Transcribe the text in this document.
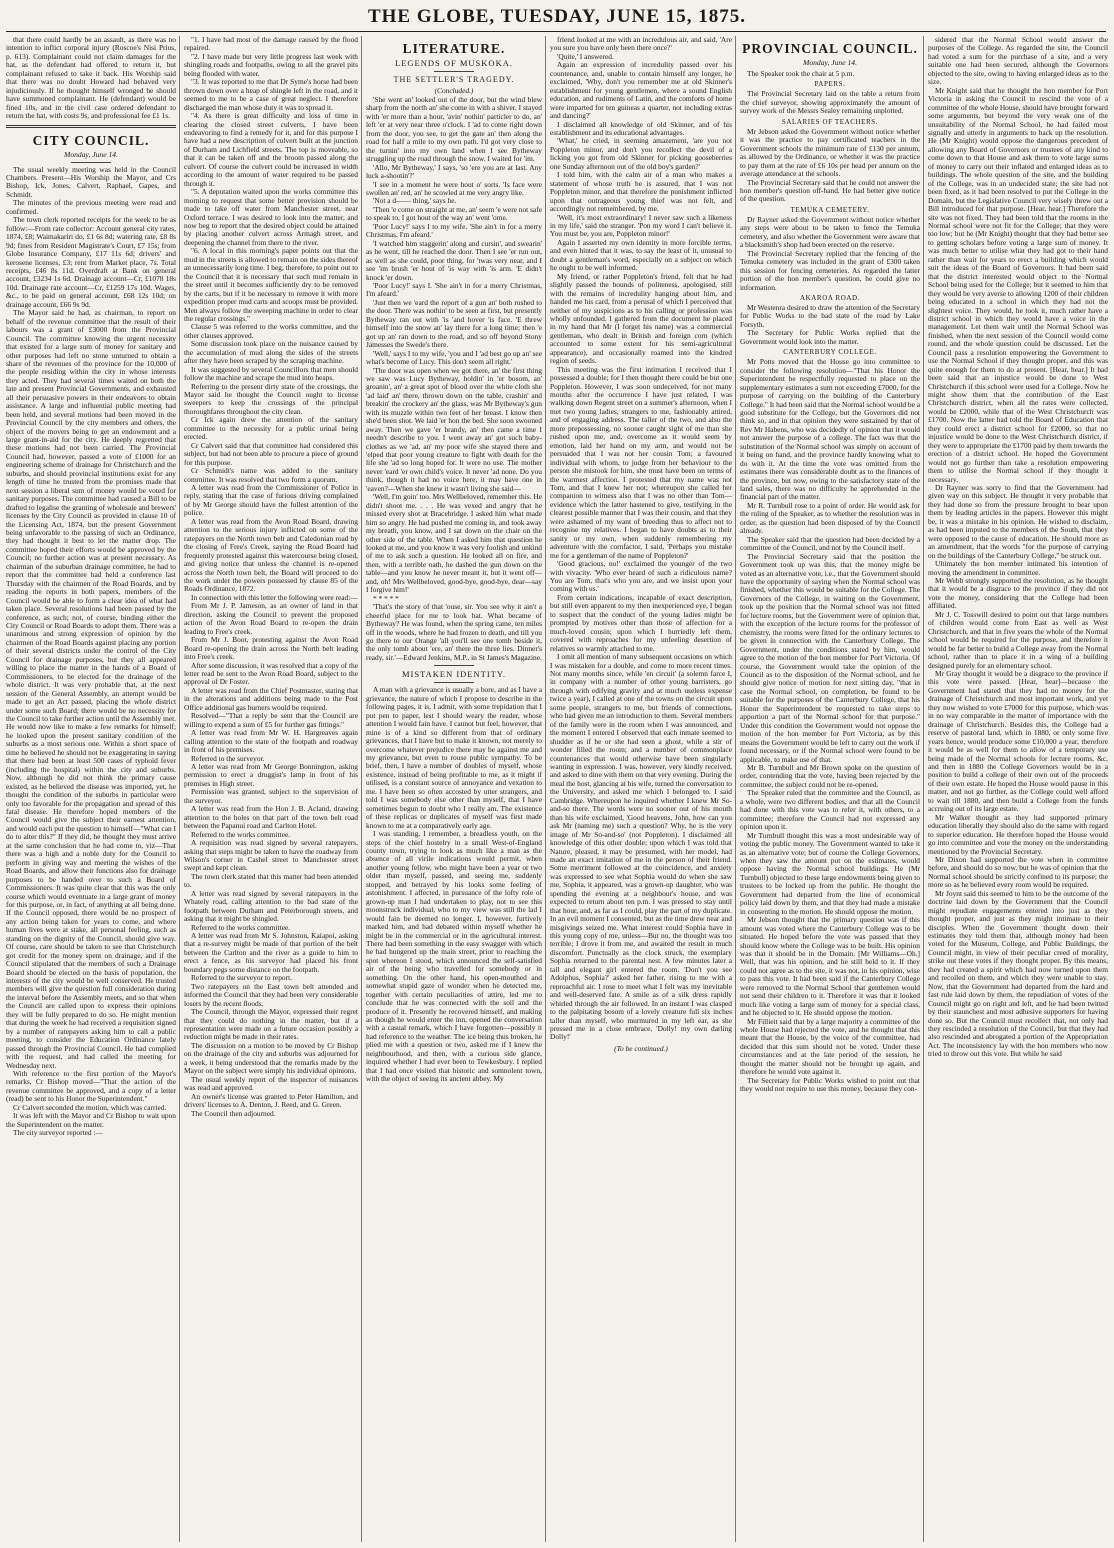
THE GLOBE, TUESDAY, JUNE 15, 1875.

that there could hardly be an assault, as there was no intention to inflict corporal injury (Roscoe's Nisi Prius, p. 613). Complainant could not claim damages for the hat, as the defendant had offered to return it, but complainant refused to take it back. His Worship said that there was no doubt Howard had behaved very injudiciously. If he thought himself wronged he should have summoned complainant. He (defendant) would be fined 10s, and in the civil case ordered defendant to return the hat, with costs 9s, and professional fee £1 1s.

CITY COUNCIL.
Monday, June 14.

The usual weekly meeting was held in the Council Chambers. Present—His Worship the Mayor, and Crs Bishop, Ick, Jones, Calvert, Raphael, Gapes, and Schmidt.

The minutes of the previous meeting were read and confirmed.

The town clerk reported receipts for the week to be as follow:—From rate collector: Account general city rates, 1874, £8; Waimakariri do, £1 6s 8d; watering rate, £8 8s 9d; fines from Resident Magistrate's Court, £7 15s; from Globe Insurance Company, £17 11s 6d; drivers' and kerosene licenses, £3; rent from Market place, 7s. Total receipts, £46 8s 11d. Overdraft at Bank on general account, £3234 1s 6d. Drainage account—Cr, £1078 18s 10d. Drainage rate account—Cr, £1259 17s 10d. Wages, &c., to be paid on general account, £68 12s 10d; on drainage account, £66 9s 9d.

The Mayor said he had, as chairman, to report on behalf of the revenue committee that the result of their labours was a grant of £3000 from the Provincial Council. The committee knowing the urgent necessity that existed for a large sum of money for sanitary and other purposes had left no stone unturned to obtain a share of the revenues of the province for the 10,000 of the people residing within the city in whose interests they acted. They had several times waited on both the late and present Provincial Governments, and exhausted all their persuasive powers in their endeavors to obtain assistance. A large and influential public meeting had been held, and several motions had been moved in the Provincial Council by the city members and others, the object of the movers being to get an endowment and a large grant-in-aid for the city. He deeply regretted that these motions had not been carried. The Provincial Council had, however, passed a vote of £1000 for an engineering scheme of drainage for Christchurch and the suburbs, and should provincial institutions exist for any length of time he trusted from the promises made that next session a liberal sum of money would be voted for sanitary purposes. The committee had caused a Bill to be drafted to legalise the granting of wholesale and brewers' licenses by the City Council as provided in clause 10 of the Licensing Act, 1874, but the present Government being unfavorable to the passing of such an Ordinance, they had thought it best to let the matter drop. The committee hoped their efforts would be approved by the Council; no further action was at present necessary. As chairman of the suburban drainage committee, he had to report that the committee had held a conference last Thursday with the chairmen of the Road Boards, and by reading the reports in both papers, members of the Council would be able to form a clear idea of what had taken place. Several resolutions had been passed by the conference, as such; not, of course, binding either the City Council or Road Boards to adopt them. There was a unanimous and strong expression of opinion by the chairmen of the Road Boards against placing any portion of their several districts under the control of the City Council for drainage purposes, but they all appeared willing to place the matter in the hands of a Board of Commissioners, to be elected for the drainage of the whole district. It was very probable that, at the next session of the General Assembly, an attempt would be made to get an Act passed, placing the whole district under some such Board; there would be no necessity for the Council to take further action until the Assembly met. He would now like to make a few remarks for himself; he looked upon the present sanitary condition of the suburbs as a most serious one. Within a short space of time he believed he should not be exaggerating in saying that there had been at least 500 cases of typhoid fever (including the hospital) within the city and suburbs. Now, although he did not think the primary cause existed, as he believed the disease was imported, yet, he thought the condition of the suburbs in particular were only too favorable for the propagation and spread of this fatal disease. He therefore hoped members of the Council would give the subject their earnest attention, and would each put the question to himself—"What can I do to alter this?" If they did, he thought they must arrive at the same conclusion that he had come to, viz—That there was a high and a noble duty for the Council to perform in giving way and meeting the wishes of the Road Boards, and allow their functions also for drainage purposes to be handed over to such a Board of Commissioners. It was quite clear that this was the only course which would eventuate in a large grant of money for this purpose, or, in fact, of anything at all being done. If the Council opposed, there would be no prospect of any action being taken for years to come, and where human lives were at stake, all personal feeling, such as standing on the dignity of the Council, should give way. Of course, care should be taken to see that Christchurch got credit for the money spent on drainage, and if the Council stipulated that the members of such a Drainage Board should be elected on the basis of population, the interests of the city would be well conserved. He trusted members will give the question full consideration during the interval before the Assembly meets, and so that when the Council are called upon to express their opinions they will be fully prepared to do so. He might mention that during the week he had received a requisition signed by a number of ratepayers asking him to call a public meeting, to consider the Education Ordinance lately passed through the Provincial Council. He had complied with the request, and had called the meeting for Wednesday next.

With reference to the first portion of the Mayor's remarks, Cr Bishop moved—"That the action of the revenue committee be approved, and a copy of a letter (read) be sent to his Honor the Superintendent."

Cr Calvert seconded the motion, which was carried.

It was left with the Mayor and Cr Bishop to wait upon the Superintendent on the matter.

The city surveyor reported :—

"1. I have had most of the damage caused by the flood repaired.

"2. I have made but very little progress last week with shingling roads and footpaths, owing to all the gravel pits being flooded with water.

"3. It was reported to me that Dr Syme's horse had been thrown down over a heap of shingle left in the road, and it seemed to me to be a case of great neglect. I therefore discharged the man whose duty it was to spread it.

"4. As there is great difficulty and loss of time in clearing the closed street culverts, I have been endeavoring to find a remedy for it, and for this purpose I have had a new description of culvert built at the junction of Durham and Lichfield streets. The top is moveable, so that it can be taken off and the broom passed along the culvert. Of course the culvert could be increased in width according to the amount of water required to be passed through it.

"5. A deputation waited upon the works committee this morning to request that some better provision should be made to take off water from Manchester street, near Oxford terrace. I was desired to look into the matter, and now beg to report that the desired object could be attained by placing another culvert across Armagh street, and deepening the channel from there to the river.

"6. A local in this morning's paper points out that the mud in the streets is allowed to remain on the sides thereof an unnecessarily long time. I beg, therefore, to point out to the Council that it is necessary that such mud remain in the street until it becomes sufficiently dry to be removed by the carts, but if it be necessary to remove it with more expedition proper mud carts and scoops must be provided. Men always follow the sweeping machine in order to clear the regular crossings."

Clause 5 was referred to the works committee, and the other clauses approved.

Some discussion took place on the nuisance caused by the accumulation of mud along the sides of the streets after they have been scraped by the scraping machine.

It was suggested by several Councillors that men should follow the machine and scrape the mud into heaps.

Referring to the present dirty state of the crossings, the Mayor said he thought the Council ought to license sweepers to keep the crossings of the principal thoroughfares throughout the city clean.

Cr Ick again drew the attention of the sanitary committee to the necessity for a public urinal being erected.

Cr Calvert said that that committee had considered this subject, but had not been able to procure a piece of ground for this purpose.

Cr Schmidt's name was added to the sanitary committee. It was resolved that two form a quorum.

A letter was read from the Commissioner of Police in reply, stating that the case of furious driving complained of by Mr George should have the fullest attention of the police.

A letter was read from the Avon Road Board, drawing attention to the serious injury inflicted on some of the ratepayers on the North town belt and Caledonian road by the closing of Free's Creek, saying the Road Board had frequently protested against this watercourse being closed, and giving notice that unless the channel is re-opened across the North town belt, the Board will proceed to do the work under the powers possessed by clause 85 of the Roads Ordinance, 1872.

In connection with this letter the following were read:—

From Mr J. P. Jameson, as an owner of land in that direction, asking the Council to prevent the proposed action of the Avon Road Board to re-open the drain leading to Free's creek.

From Mr J. Boot, protesting against the Avon Road Board re-opening the drain across the North belt leading into Free's creek.

After some discussion, it was resolved that a copy of the letter read be sent to the Avon Road Board, subject to the approval of Dr Foster.

A letter was read from the Chief Postmaster, stating that in the alterations and additions being made to the Post Office additional gas burners would be required.

Resolved—"That a reply be sent that the Council are willing to expend a sum of £5 for further gas fittings."

A letter was read from Mr W. H. Hargreaves again calling attention to the state of the footpath and roadway in front of his premises.

Referred to the surveyor.

A letter was read from Mr George Bonnington, asking permission to erect a druggist's lamp in front of his premises in High street.

Permission was granted, subject to the supervision of the surveyor.

A letter was read from the Hon J. B. Acland, drawing attention to the holes on that part of the town belt road between the Papanui road and Carlton Hotel.

Referred to the works committee.

A requisition was read signed by several ratepayers, asking that steps might be taken to have the roadway from Wilson's corner in Cashel street to Manchester street swept and kept clean.

The town clerk stated that this matter had been attended to.

A letter was read signed by several ratepayers in the Whately road, calling attention to the bad state of the footpath between Durham and Peterborough streets, and asking that it might be shingled.

Referred to the works committee.

A letter was read from Mr S. Johnston, Kaiapoi, asking that a re-survey might be made of that portion of the belt between the Carlton and the river as a guide to him to erect a fence, as his surveyor had placed his front boundary pegs some distance on the footpath.

Referred to the surveyor to report.

Two ratepayers on the East town belt attended and informed the Council that they had been very considerable losers by the recent floods.

The Council, through the Mayor, expressed their regret that they could do nothing in the matter, but if a representation were made on a future occasion possibly a reduction might be made in their rates.

The discussion on a motion to be moved by Cr Bishop on the drainage of the city and suburbs was adjourned for a week, it being understood that the remarks made by the Mayor on the subject were simply his individual opinions.

The usual weekly report of the inspector of nuisances was read and approved.

An owner's license was granted to Peter Hamilton, and drivers' licenses to A. Denton, J. Reed, and G. Green.

The Council then adjourned.

LITERATURE.
LEGENDS OF MUSKOKA.
THE SETTLER'S TRAGEDY.
(Concluded.)

'She went an' looked out of the door, but the wind blew sharp from the north an' she come in with a shiver. I stayed with 'er more than a hour, 'avin' nothin' particler to do, an' left 'er at very near three o'clock. I 'ad to come right down from the door, you see, to get the gate an' then along the road for half a mile to my own path. I'd got very close to the turnin' into my own land when I see Bytheway struggling up the road through the snow. I waited for 'im.

'Allo, Mr Bytheway,' I says, 'so 'ere you are at last. Any luck a-shootin'?'

'I see in a moment he were hout o' sorts. 'Is face were swollen an' red, an' he scowled at me very angry like.

'Not a d—— thing,' says he.

'Then 'e come on straight at me, an' seem 'e were not safe to speak to, I got hout of the way an' went 'ome.

'Poor Lucy!' says I to my wife. 'She ain't in for a merry Christmas, I'm afeard.'

'I watched him staggerin' along and cursin', and swearin' as he went, till he reached the door. Then I see 'er run out, as well as she could, poor thing, for 'twas very near, and I see 'im brush 'er hout of 'is way with 'is arm. 'E didn't knock 'er down.

'Poor Lucy!' says I. 'She ain't in for a merry Christmas, I'm afeard.'

'Just then we 'eard the report of a gun an' both rushed to the door. There was nothin' to be seen at first, but presently Bytheway ran out with 'is 'and hover 'is face. 'E threw himself into the snow an' lay there for a long time; then 'e got up an' ran down to the road, and so off beyond Stony Jamesses the Swede's there.

'Well,' says I to my wife, 'you and I 'ad best go up an' see what's become of Lucy. This don't seem all right.'

'The door was open when we got there, an' the first thing we saw was Lucy Bytheway, holdin' in 'er bosom, an' groanin', an' a great spot of blood over the white cloth she 'ad laid' an' there, thrown down on the table, crashin' and breakin' the crockery an' the glass, was Mr Bytheway's gun with its muzzle within two feet of her breast. I know then she'd been shot. We laid 'er hon the bed. She soon swooned away. Then we gave 'er brandy, an' then came a time I needn't describe to you. I went away an' got such baby-clothes as we 'ad, an' my poor wife she stayed there and 'elped that poor young creature to fight with death for the life she 'ad so long hoped for. It were no use. The mother never 'eard 'er own child's voice. It never 'ad none. Do you think, though it had no voice here, it may have one in 'eaven?—When she knew it wasn't living she said—

'Well, I'm goin' too. Mrs Wellbeloved, remember this. He didn't shoot me. . . . He was vexed and angry that he missed every shot at Bracebridge. I asked him what made him so angry. He had pushed me coming in, and took away my breath, you know, and I sat down on the chair on the other side of the table. When I asked him that question he looked at me, and you know it was very foolish and unkind of me to ask such a question. He looked all on fire, and then, with a terrible oath, he dashed the gun down on the table—and you know he never meant it, but it went off—and, oh! Mrs Wellbeloved, good-bye, good-bye, dear—say I forgive him!'

* * * * *

'That's the story of that 'ouse, sir. You see why it ain't a cheerful place for me to look hat. What became of Bytheway? He was found, when the spring came, ten miles off in the woods, where he had frozen to death, and till you go there to our Orange 'all you'll see one tomb beside it, the only tomb about 'ere, an' there the three lies. Dinner's ready, sir.'—Edward Jenkins, M.P., in St James's Magazine.

MISTAKEN IDENTITY.

A man with a grievance is usually a bore, and as I have a grievance, the nature of which I propose to describe in the following pages, it is, I admit, with some trepidation that I put pen to paper, lest I should weary the reader, whose attention I would fain have. I cannot but feel, however, that mine is of a kind so different from that of ordinary grievances, that I have but to make it known, not merely to overcome whatever prejudice there may be against me and my grievance, but even to rouse public sympathy. To be brief, then, I have a number of doubles of myself, whose existence, instead of being profitable to me, as it might if utilised, is a constant source of annoyance and vexation to me. I have been so often accosted by utter strangers, and told I was somebody else other than myself, that I have sometimes begun to doubt who I really am. The existence of these replicas or duplicates of myself was first made known to me at a comparatively early age.

I was standing, I remember, a breadless youth, on the steps of the chief hostelry in a small West-of-England county town, trying to look as much like a man as the absence of all virile indications would permit, when another young fellow, who might have been a year or two older than myself, passed, and seeing me, suddenly stopped, and betrayed by his looks some feeling of astonishment. I affected, in pursuance of the lofty role of grown-up man I had undertaken to play, not to see this moonstruck individual, who to my view was still the lad I would fain be deemed no longer. I, however, furtively marked him, and had debated within myself whether he might be in the commercial or in the agricultural interest. There had been something in the easy swagger with which he had hungered up the main street, prior to reaching the spot whereon I stood, which announced the self-satisfied air of the being who travelled for somebody or in something. On the other hand, his open-mouthed and somewhat stupid gaze of wonder when he detected me, together with certain peculiarities of attire, led me to conclude that he was connected with the soil and the produce of it. Presently he recovered himself, and making as though he would enter the inn, opened the conversation with a casual remark, which I have forgotten—possibly it had reference to the weather. The ice being thus broken, he plied me with a question or two, asked me if I knew the neighbourhood, and then, with a curious side glance, inquired whether I had ever been to Tewkesbury. I replied that I had once visited that historic and somnolent town, with the object of seeing its ancient abbey. My

friend looked at me with an incredulous air, and said, 'Are you sure you have only been there once?'

'Quite,' I answered.

Again an expression of incredulity passed over his countenance, and, unable to contain himself any longer, he exclaimed, 'Why, don't you remember me at old Skinner's establishment for young gentlemen, where a sound English education, and rudiments of Latin, and the comforts of home were imparted for ten guineas a quarter, not including extras and dancing?'

I disclaimed all knowledge of old Skinner, and of his establishment and its educational advantages.

'What,' he cried, in seeming amazement, 'are you not Poppleton minor, and don't you recollect the devil of a licking you got from old Skinner for picking gooseberries one Sunday afternoon out of the old boy's garden?'

I told him, with the calm air of a man who makes a statement of whose truth he is assured, that I was not Poppleton minor, and that therefore the punishment inflicted upon that outrageous young thief was not felt, and accordingly not remembered, by me.

'Well, it's most extraordinary! I never saw such a likeness in my life,' said the stranger. 'Pon my word I can't believe it. You must be, you are, Poppleton minor!'

Again I asserted my own identity in more forcible terms, and even hinted that it was, to say the least of it, unusual to doubt a gentleman's word, especially on a subject on which he ought to be well informed.

My friend, or rather Poppleton's friend, felt that he had slightly passed the bounds of politeness, apologised, still with the remains of incredulity hanging about him, and handed me his card, from a perusal of which I perceived that neither of my suspicions as to his calling or profession was wholly unfounded. I gathered from the document he placed in my hand that Mr (I forget his name) was a commercial gentleman, who dealt in British and foreign corn (which accounted to some extent for his semi-agricultural appearance), and occasionally roamed into the kindred region of seeds.

This meeting was the first intimation I received that I possessed a double; for I then thought there could be but one Poppleton. However, I was soon undeceived, for not many months after the occurrence I have just related, I was walking down Regent street on a summer's afternoon, when I met two young ladies, strangers to me, fashionably attired, and of engaging address. The taller of the two, and also the more prepossessing, no sooner caught sight of me than she rushed upon me, and, overcome as it would seem by emotion, laid her hand on my arm, and would not be persuaded that I was not her cousin Tom; a favoured individual with whom, to judge from her behaviour to the person she mistook for him, she must have been on terms of the warmest affection. I protested that my name was not Tom, and that I knew her not; whereupon she called her companion to witness also that I was no other than Tom—evidence which the latter hastened to give, testifying in the clearest possible manner that I was their cousin, and that they were ashamed of my want of breeding thus to affect not to recognise my relatives. I began to have doubts as to their sanity or my own, when suddenly remembering my adventure with the cornfactor, I said, 'Perhaps you mistake me for a gentleman of the name of Poppleton?'

'Good gracious, no!' exclaimed the younger of the two with vivacity. 'Who ever heard of such a ridiculous name? You are Tom, that's who you are, and we insist upon your coming with us.'

From certain indications, incapable of exact description, but still even apparent to my then inexperienced eye, I began to suspect that the conduct of the young ladies might be prompted by motives other than those of affection for a much-loved cousin; upon which I hurriedly left them, covered with reproaches for my unfeeling desertion of relatives so warmly attached to me.

I omit all mention of many subsequent occasions on which I was mistaken for a double, and come to more recent times. Not many months since, while 'en circuit' (a solemn farce I, in company with a number of other young barristers, go through with edifying gravity and at much useless expense twice a year), I called at one of the towns on the circuit upon some people, strangers to me, but friends of connections, who had given me an introduction to them. Several members of the family were in the room when I was announced, and the moment I entered I observed that each inmate seemed to shudder as if he or she had seen a ghost, while a stir of wonder filled the room; and a number of commonplace countenances that would otherwise have been singularly wanting in expression. I was, however, very kindly received, and asked to dine with them on that very evening. During the meal the host, glancing at his wife, turned the conversation to the University, and asked me which I belonged to. I said Cambridge. Whereupon he inquired whether I knew Mr So-and-so there. The words were no sooner out of his mouth than his wife exclaimed, 'Good heavens, John, how can you ask Mr (naming me) such a question? Why, he is the very image of Mr So-and-so' (not Poppleton). I disclaimed all knowledge of this other double; upon which I was told that Nature, pleased, it may be presumed, with her model, had made an exact imitation of me in the person of their friend. Some merriment followed at the coincidence, and anxiety was expressed to see what Sophia would do when she saw me, Sophia, it appeared, was a grown-up daughter, who was spending the evening at a neighbour's house, and was expected to return about ten p.m. I was pressed to stay until that hour, and, as far as I could, play the part of my duplicate. In an evil moment I consented, but as the time drew near and misgivings seized me. What interest could Sophia have in this young copy of me, unless—But no, the thought was too terrible; I drove it from me, and awaited the result in much discomfort. Punctually as the clock struck, the exemplary Sophia returned to the parental nest. A few minutes later a tall and elegant girl entered the room. 'Don't you see Adolphus, Sophia?' asked her father, rising to me with a reproachful air. I rose to meet what I felt was my inevitable and well-deserved fate. A smile as of a silk dress rapidly whirled through the air followed. In an instant I was clasped to the palpitating bosom of a lovely creature full six inches taller than myself, who murmured in my left ear, as she pressed me in a close embrace, 'Dolly! my own darling Dolly!'

(To be continued.)
PROVINCIAL COUNCIL.
Monday, June 14.

The Speaker took the chair at 5 p.m.

PAPERS.

The Provincial Secretary laid on the table a return from the chief surveyor, showing approximately the amount of survey work of the Messrs Sealey remaining unplotted.

SALARIES OF TEACHERS.

Mr Jebson asked the Government without notice whether it was the practice to pay certificated teachers in the Government schools the minimum rate of £130 per annum, as allowed by the Ordinance, or whether it was the practice to pay them at the rate of £6 10s per head per annum on the average attendance at the schools.

The Provincial Secretary said that he could not answer the hon member's question off-hand. He had better give notice of the question.

TEMUKA CEMETERY.

Dr Rayner asked the Government without notice whether any steps were about to be taken to fence the Temuka cemetery, and also whether the Government were aware that a blacksmith's shop had been erected on the reserve.

The Provincial Secretary replied that the fencing of the Temuka cemetery was included in the grant of £300 taken this session for fencing cemeteries. As regarded the latter portion of the hon member's question, he could give no information.

AKAROA ROAD.

Mr Westenra desired to draw the attention of the Secretary for Public Works to the bad state of the road by Lake Forsyth.

The Secretary for Public Works replied that the Government would look into the matter.

CANTERBURY COLLEGE.

Mr Potts moved that the House go into committee to consider the following resolution—"That his Honor the Superintendent be respectfully requested to place on the supplementary estimates a sum not exceeding £7000, for the purpose of carrying on the building of the Canterbury College." It had been said that the Normal school would be a good substitute for the College, but the Governors did not think so, and in that opinion they were sustained by that of Rev Mr Habens, who was decidedly of opinion that it would not answer the purpose of a college. The fact was that the substitution of the Normal school was simply on account of it being on hand, and the province hardly knowing what to do with it. At the time the vote was omitted from the estimates there was considerable doubt as to the finances of the province, but now, owing to the satisfactory state of the land sales, there was no difficulty he apprehended in the financial part of the matter.

Mr R. Turnbull rose to a point of order. He would ask for the ruling of the Speaker, as to whether the resolution was in order, as the question had been disposed of by the Council already.

The Speaker said that the question had been decided by a committee of the Council, and not by the Council itself.

The Provincial Secretary said that the position the Government took up was this, that the money might be voted as an alternative vote, i.e., that the Government should have the opportunity of saying when the Normal school was finished, whether this would be suitable for the College. The Governors of the College, in waiting on the Government, took up the position that the Normal school was not fitted for lecture rooms, but the Government were of opinion that, with the exception of the lecture rooms for the professor of chemistry, the rooms were fitted for the ordinary lectures to be given in connection with the Canterbury College. The Government, under the conditions stated by him, would agree to the motion of the hon member for Port Victoria. Of course, the Government would take the opinion of the Council as to the disposition of the Normal school, and he should give notice of motion for next sitting day, "that in case the Normal school, on completion, be found to be suitable for the purposes of the Canterbury College, that his Honor the Superintendent be requested to take steps to apportion a part of the Normal school for that purpose." Under this condition the Government would not oppose the motion of the hon member for Port Victoria, as by this means the Government would be left to carry out the work if found necessary, or if the Normal school were found to be applicable, to make use of that.

Mr B. Turnbull and Mr Brown spoke on the question of order, contending that the vote, having been rejected by the committee, the subject could not be re-opened.

The Speaker ruled that the committee and the Council, as a whole, were two different bodies, and that all the Council had done with this vote was to refer it, with others, to a committee; therefore the Council had not expressed any opinion upon it.

Mr Turnbull thought this was a most undesirable way of voting the public money. The Government wanted to take it as an alternative vote; but of course the College Governors, when they saw the amount put on the estimates, would oppose having the Normal school buildings. He (Mr Turnbull) objected to these large endowments being given to trustees to be locked up from the public. He thought the Government had departed from the line of economical policy laid down by them, and that they had made a mistake in consenting to the motion. He should oppose the motion.

Mr Jebson thought that the primary question was if this amount was voted where the Canterbury College was to be situated. He hoped before the vote was passed that they should know where the College was to be built. His opinion was that it should be in the Domain. [Mr Williams—Oh.] Well, that was his opinion, and he still held to it. If they could not agree as to the site, it was not, in his opinion, wise to pass this vote. It had been said if the Canterbury College were removed to the Normal School that gentlemen would not send their children to it. Therefore it was that it looked much like voting a large sum of money for a special class, and he objected to it. He should oppose the motion.

Mr Fillieit said that by a large majority a committee of the whole House had rejected the vote, and he thought that this meant that the House, by the voice of the committee, had decided that this sum should not be voted. Under these circumstances and at the late period of the session, he thought the matter should not be brought up again, and therefore he would vote against it.

The Secretary for Public Works wished to point out that they would not require to use this money, because they con-

sidered that the Normal School would answer the purposes of the College. As regarded the site, the Council had voted a sum for the purchase of a site, and a very suitable one had been secured, although the Governors objected to the site, owing to having enlarged ideas as to the size.

Mr Knight said that he thought the hon member for Port Victoria in asking the Council to rescind the vote of a committee of the whole House, should have brought forward some arguments, but beyond the very weak one of the unsuitability of the Normal School, he had failed most signally and utterly in arguments to back up the resolution. He (Mr Knight) would oppose the dangerous precedent of allowing any Board of Governors or trustees of any kind to come down to that House and ask them to vote large sums of money to carry out their inflated and enlarged ideas as to buildings. The whole question of the site, and the building of the College, was in an undecided state; the site had not been fixed, as it had been resolved to put the College in the Domain, but the Legislative Council very wisely threw out a Bill introduced for that purpose. [Hear, hear.] Therefore the site was not fixed. They had been told that the rooms in the Normal school were not fit for the College; that they were too low; but he (Mr Knight) thought that they had better see to getting scholars before voting a large sum of money. It was much better to utilise what they had got to their hand rather than wait for years to erect a building which would suit the ideas of the Board of Governors. It had been said that the district interested would object to the Normal School being used for the College; but it seemed to him that they would be very averse to allowing 1200 of their children being educated in a school in which they had not the slightest voice. They would, he took it, much rather have a district school in which they would have a voice in the management. Let them wait until the Normal School was finished, when the next session of the Council would come round, and the whole question could be discussed. Let the Council pass a resolution empowering the Government to use the Normal School if they thought proper, and this was quite enough for them to do at present. [Hear, hear.] It had been said that an injustice would be done to West Christchurch if this school were used for a College. Now he might show them that the contribution of the East Christchurch district, when all the rates were collected, would be £2000, while that of the West Christchurch was £1700. Now the latter had told the Board of Education that they could erect a district school for £2000, so that no injustice would be done to the West Christchurch district, if they were to appropriate the £1700 paid by them towards the erection of a district school. He hoped the Government would not go further than take a resolution empowering them to utilise the Normal school if they thought it necessary.

Dr Rayner was sorry to find that the Government had given way on this subject. He thought it very probable that they had done so from the pressure brought to bear upon them by leading articles in the papers. However this might be, it was a mistake in his opinion. He wished to disclaim, as had been imputed to the members of the South, that they were opposed to the cause of education. He should more as an amendment, that the words "for the purpose of carrying on the buildings of the Canterbury College," be struck out.

Ultimately the hon member intimated his intention of moving the amendment in committee.

Mr Webb strongly supported the resolution, as he thought that it would be a disgrace to the province if they did not vote the money, considering that the College had been affiliated.

Mr J. C. Tosswill desired to point out that large numbers of children would come from East as well as West Christchurch, and that in five years the whole of the Normal school would be required for the purpose, and therefore it would be far better to build a College away from the Normal school, rather than to place it in a wing of a building designed purely for an elementary school.

Mr Gray thought it would be a disgrace to the province if this vote were passed. [Hear, hear]—because the Government had stated that they had no money for the drainage of Christchurch and most important work, and yet they now wished to vote £7000 for this purpose, which was in no way comparable in the matter of importance with the drainage of Christchurch. Besides this, the College had a reserve of pastoral land, which in 1880, or only some five years hence, would produce some £10,000 a year, therefore it would be as well for them to allow of a temporary use being made of the Normal schools for lecture rooms, &c, and then in 1880 the College Governors would be in a position to build a college of their own out of the proceeds of their own estate. He hoped the House would pause in this matter, and not go further, as the College could well afford to wait till 1880, and then build a College from the funds accruing out of its large estate.

Mr Walker thought as they had supported primary education liberally they should also do the same with regard to superior education. He therefore hoped the House would go into committee and vote the money on the understanding mentioned by the Provincial Secretary.

Mr Dixon had supported the vote when in committee before, and should do so now, but he was of opinion that the Normal school should be strictly confined to its purpose; the more so as he believed every room would be required.

Mr Joynt said this seemed to him to be the outcome of the doctrine laid down by the Government that the Council might repudiate engagements entered into just as they thought proper, and just as they might intimate to their disciples. When the Government thought down their estimates they told them that, although money had been voted for the Museum, College, and Public Buildings, the Council might, in view of their peculiar creed of morality, strike out these votes if they thought proper. By this means, they had created a spirit which had now turned upon them and recoiled on them, and which they were unable to stay. Now, that the Government had departed from the hard and fast rule laid down by them, the repudiation of votes of the Council might go on right and left, and he had been twitted by their staunchest and most adhesive supporters for having done so. But the Council must recollect that, not only had they rescinded a resolution of the Council, but that they had also rescinded and abrogated a portion of the Appropriation Act. The inconsistency lay with the hon members who now tried to throw out this vote. But while he said
